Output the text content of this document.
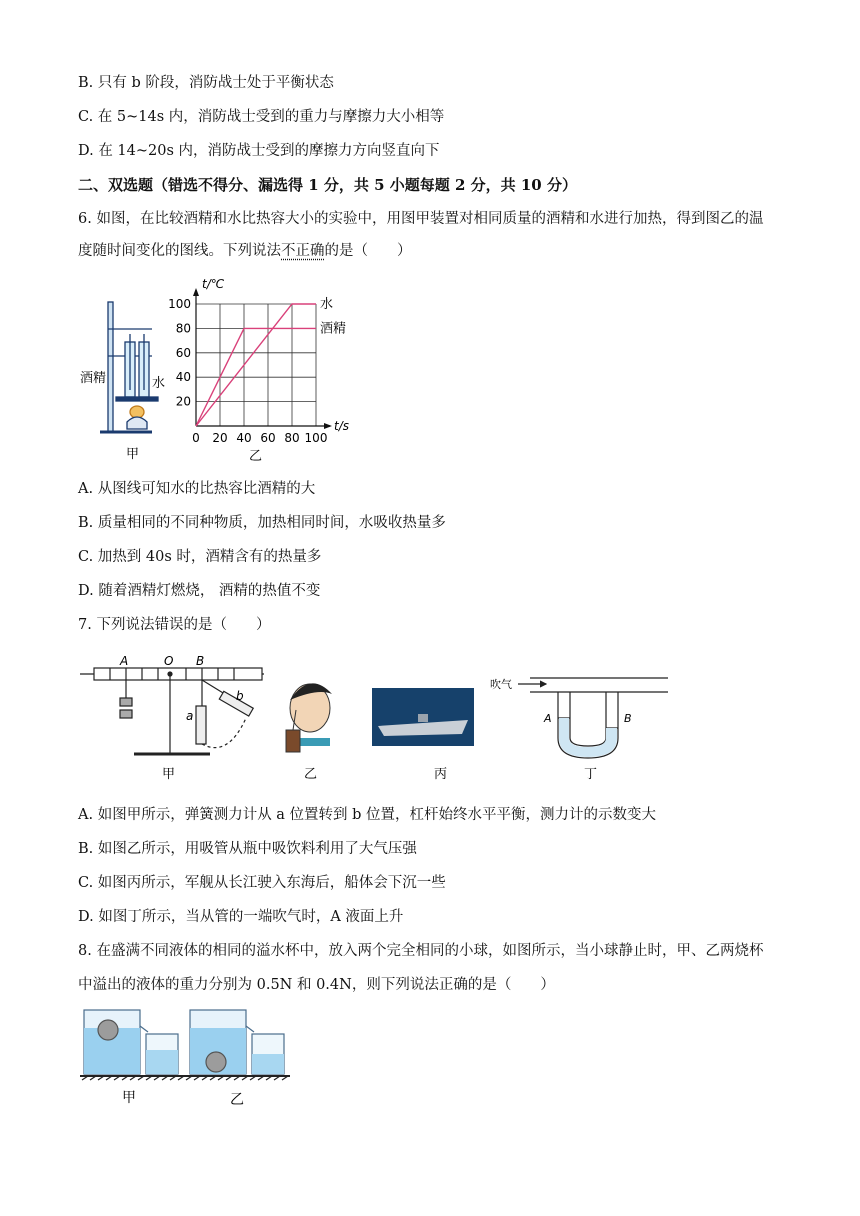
B. 只有 b 阶段，消防战士处于平衡状态
C. 在 5~14s 内，消防战士受到的重力与摩擦力大小相等
D. 在 14~20s 内，消防战士受到的摩擦力方向竖直向下
二、双选题（错选不得分、漏选得 1 分，共 5 小题每题 2 分，共 10 分）
6. 如图，在比较酒精和水比热容大小的实验中，用图甲装置对相同质量的酒精和水进行加热，得到图乙的温
度随时间变化的图线。下列说法不正确的是（　　）
酒精	水
甲
20
40
60
80
100
0 20 40 60 80 100
t/℃
t/s
水
酒精
乙
A. 从图线可知水的比热容比酒精的大
B. 质量相同的不同种物质，加热相同时间，水吸收热量多
C. 加热到 40s 时，酒精含有的热量多
D. 随着酒精灯燃烧， 酒精的热值不变
7. 下列说法错误的是（　　）
A	O B
a
b
甲	乙	丙
吹气
A	B
丁
A. 如图甲所示，弹簧测力计从 a 位置转到 b 位置，杠杆始终水平平衡，测力计的示数变大
B. 如图乙所示，用吸管从瓶中吸饮料利用了大气压强
C. 如图丙所示，军舰从长江驶入东海后，船体会下沉一些
D. 如图丁所示，当从管的一端吹气时，A 液面上升
8. 在盛满不同液体的相同的溢水杯中，放入两个完全相同的小球，如图所示，当小球静止时，甲、乙两烧杯
中溢出的液体的重力分别为 0.5N 和 0.4N，则下列说法正确的是（　　）
甲	乙
